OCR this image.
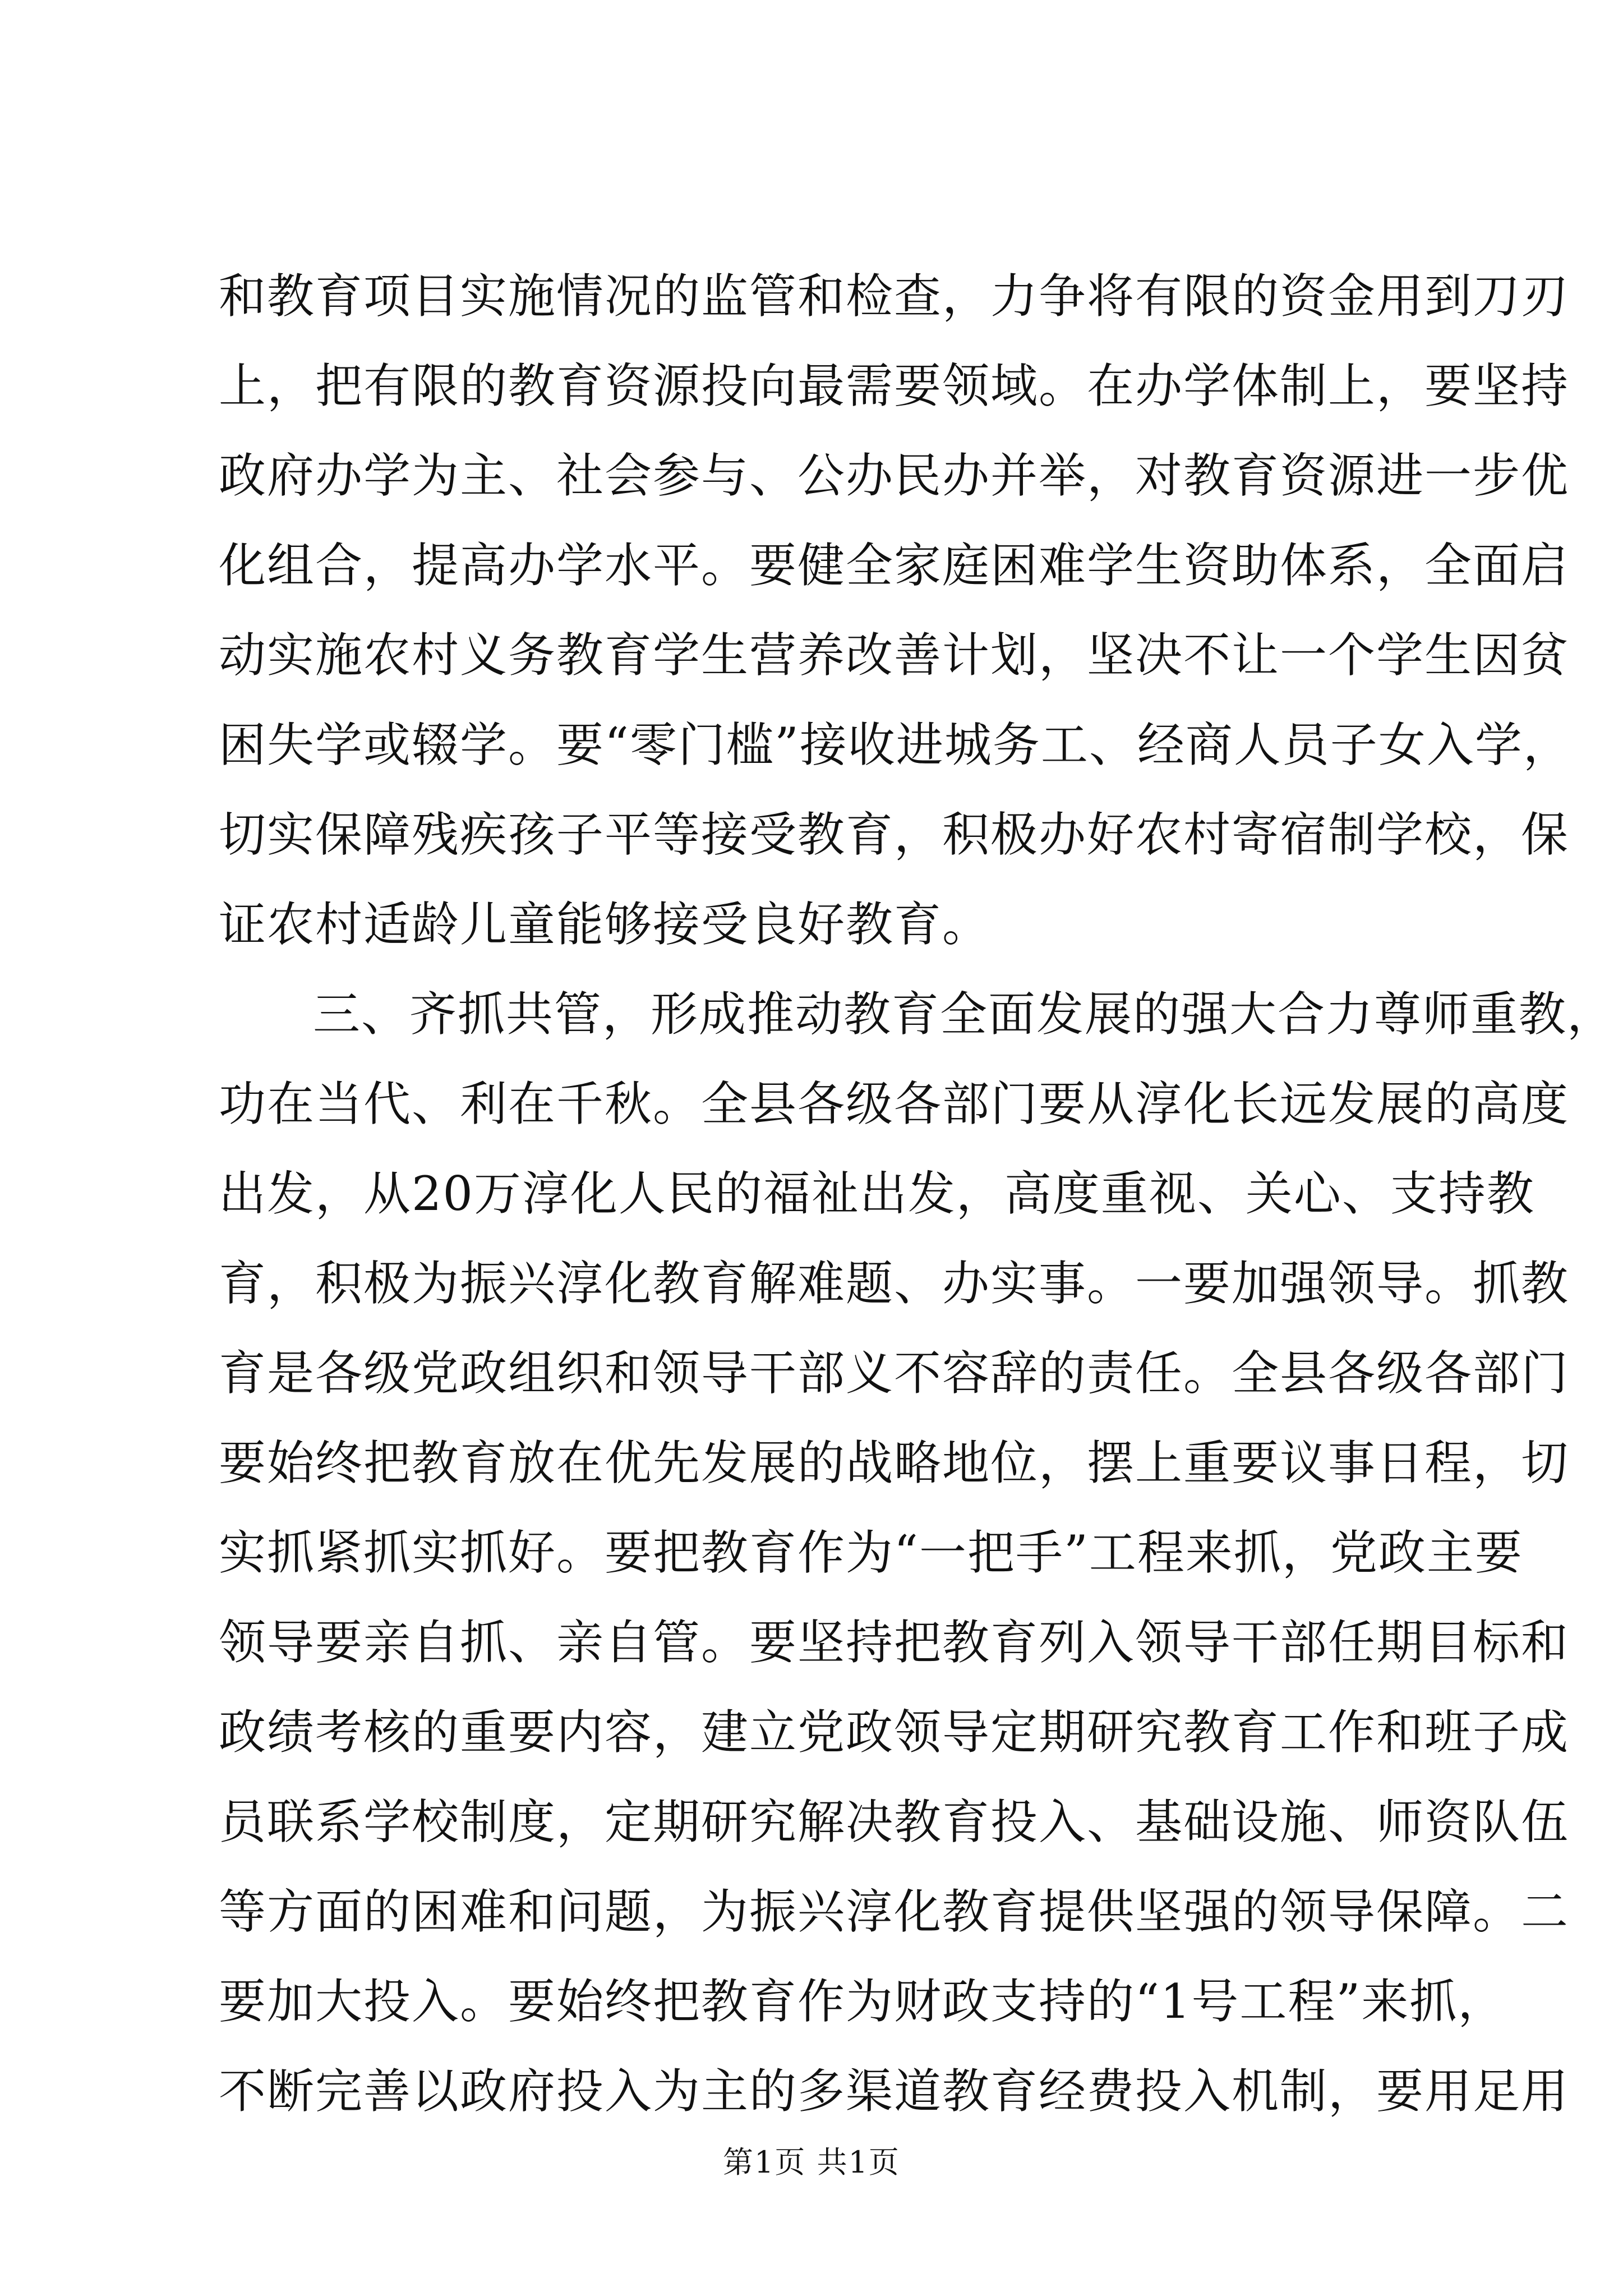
和教育项目实施情况的监管和检查，力争将有限的资金用到刀刃
上，把有限的教育资源投向最需要领域。在办学体制上，要坚持
政府办学为主、社会参与、公办民办并举，对教育资源进一步优
化组合，提高办学水平。要健全家庭困难学生资助体系，全面启
动实施农村义务教育学生营养改善计划，坚决不让一个学生因贫
困失学或辍学。要“零门槛”接收进城务工、经商人员子女入学，
切实保障残疾孩子平等接受教育，积极办好农村寄宿制学校，保
证农村适龄儿童能够接受良好教育。
三、齐抓共管，形成推动教育全面发展的强大合力尊师重教，
功在当代、利在千秋。全县各级各部门要从淳化长远发展的高度
出发，从20万淳化人民的福祉出发，高度重视、关心、支持教
育，积极为振兴淳化教育解难题、办实事。一要加强领导。抓教
育是各级党政组织和领导干部义不容辞的责任。全县各级各部门
要始终把教育放在优先发展的战略地位，摆上重要议事日程，切
实抓紧抓实抓好。要把教育作为“一把手”工程来抓，党政主要
领导要亲自抓、亲自管。要坚持把教育列入领导干部任期目标和
政绩考核的重要内容，建立党政领导定期研究教育工作和班子成
员联系学校制度，定期研究解决教育投入、基础设施、师资队伍
等方面的困难和问题，为振兴淳化教育提供坚强的领导保障。二
要加大投入。要始终把教育作为财政支持的“1号工程”来抓，
不断完善以政府投入为主的多渠道教育经费投入机制，要用足用
第1页 共1页
